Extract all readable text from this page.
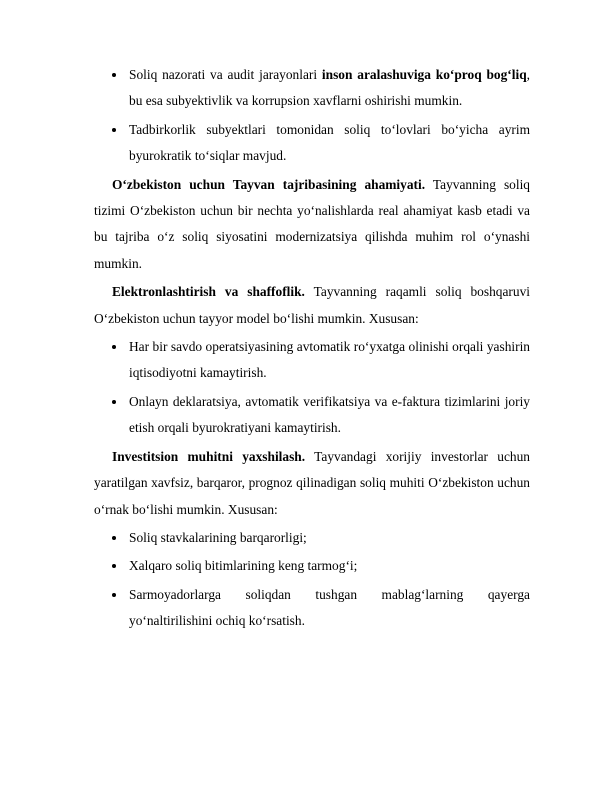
Soliq nazorati va audit jarayonlari inson aralashuviga ko‘proq bog‘liq, bu esa subyektivlik va korrupsion xavflarni oshirishi mumkin.
Tadbirkorlik subyektlari tomonidan soliq to‘lovlari bo‘yicha ayrim byurokratik to‘siqlar mavjud.

O‘zbekiston uchun Tayvan tajribasining ahamiyati. Tayvanning soliq tizimi O‘zbekiston uchun bir nechta yo‘nalishlarda real ahamiyat kasb etadi va bu tajriba o‘z soliq siyosatini modernizatsiya qilishda muhim rol o‘ynashi mumkin.

Elektronlashtirish va shaffoflik. Tayvanning raqamli soliq boshqaruvi O‘zbekiston uchun tayyor model bo‘lishi mumkin. Xususan:

Har bir savdo operatsiyasining avtomatik ro‘yxatga olinishi orqali yashirin iqtisodiyotni kamaytirish.
Onlayn deklaratsiya, avtomatik verifikatsiya va e-faktura tizimlarini joriy etish orqali byurokratiyani kamaytirish.

Investitsion muhitni yaxshilash. Tayvandagi xorijiy investorlar uchun yaratilgan xavfsiz, barqaror, prognoz qilinadigan soliq muhiti O‘zbekiston uchun o‘rnak bo‘lishi mumkin. Xususan:

Soliq stavkalarining barqarorligi;
Xalqaro soliq bitimlarining keng tarmog‘i;
Sarmoyadorlarga soliqdan tushgan mablag‘larning qayerga yo‘naltirilishini ochiq ko‘rsatish.
